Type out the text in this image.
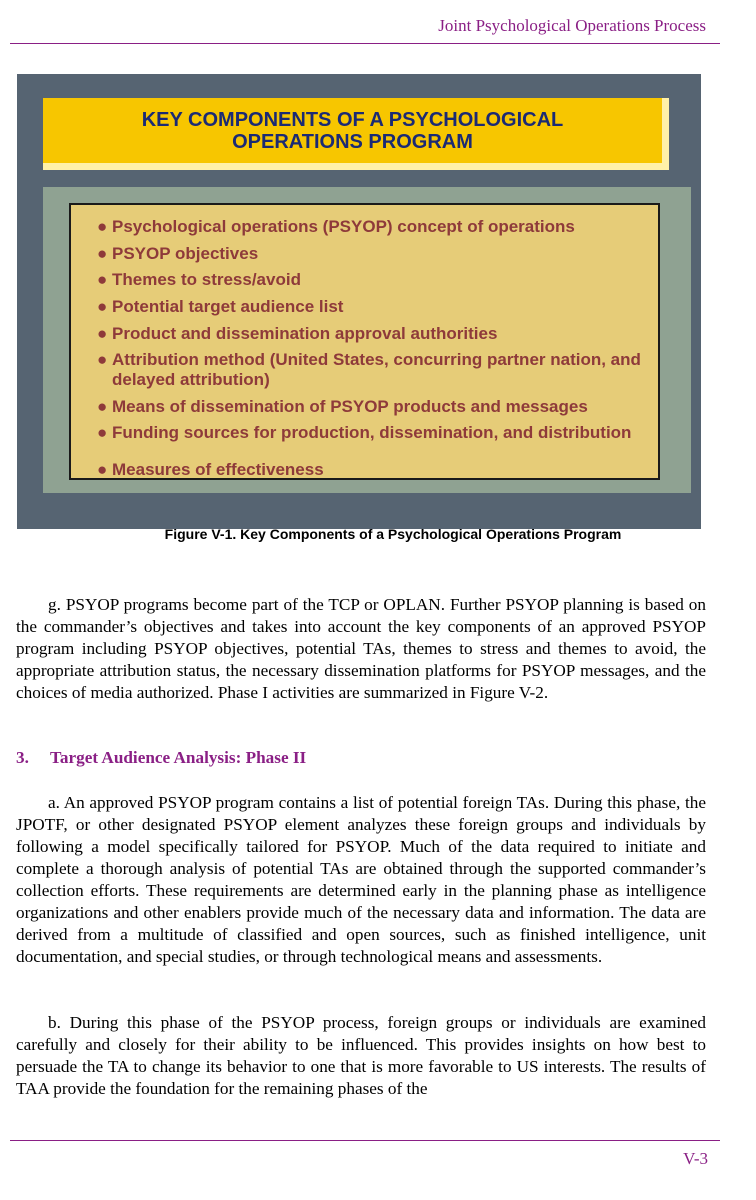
Joint Psychological Operations Process
KEY COMPONENTS OF A PSYCHOLOGICAL
OPERATIONS PROGRAM
● Psychological operations (PSYOP) concept of operations
● PSYOP objectives
● Themes to stress/avoid
● Potential target audience list
● Product and dissemination approval authorities
● Attribution method (United States, concurring partner nation, and delayed attribution)
● Means of dissemination of PSYOP products and messages
● Funding sources for production, dissemination, and distribution
● Measures of effectiveness
Figure V-1. Key Components of a Psychological Operations Program

g. PSYOP programs become part of the TCP or OPLAN. Further PSYOP planning is based on the commander’s objectives and takes into account the key components of an approved PSYOP program including PSYOP objectives, potential TAs, themes to stress and themes to avoid, the appropriate attribution status, the necessary dissemination platforms for PSYOP messages, and the choices of media authorized. Phase I activities are summarized in Figure V-2.

3. Target Audience Analysis: Phase II

a. An approved PSYOP program contains a list of potential foreign TAs. During this phase, the JPOTF, or other designated PSYOP element analyzes these foreign groups and individuals by following a model specifically tailored for PSYOP. Much of the data required to initiate and complete a thorough analysis of potential TAs are obtained through the supported commander’s collection efforts. These requirements are determined early in the planning phase as intelligence organizations and other enablers provide much of the necessary data and information. The data are derived from a multitude of classified and open sources, such as finished intelligence, unit documentation, and special studies, or through technological means and assessments.

b. During this phase of the PSYOP process, foreign groups or individuals are examined carefully and closely for their ability to be influenced. This provides insights on how best to persuade the TA to change its behavior to one that is more favorable to US interests. The results of TAA provide the foundation for the remaining phases of the

V-3
